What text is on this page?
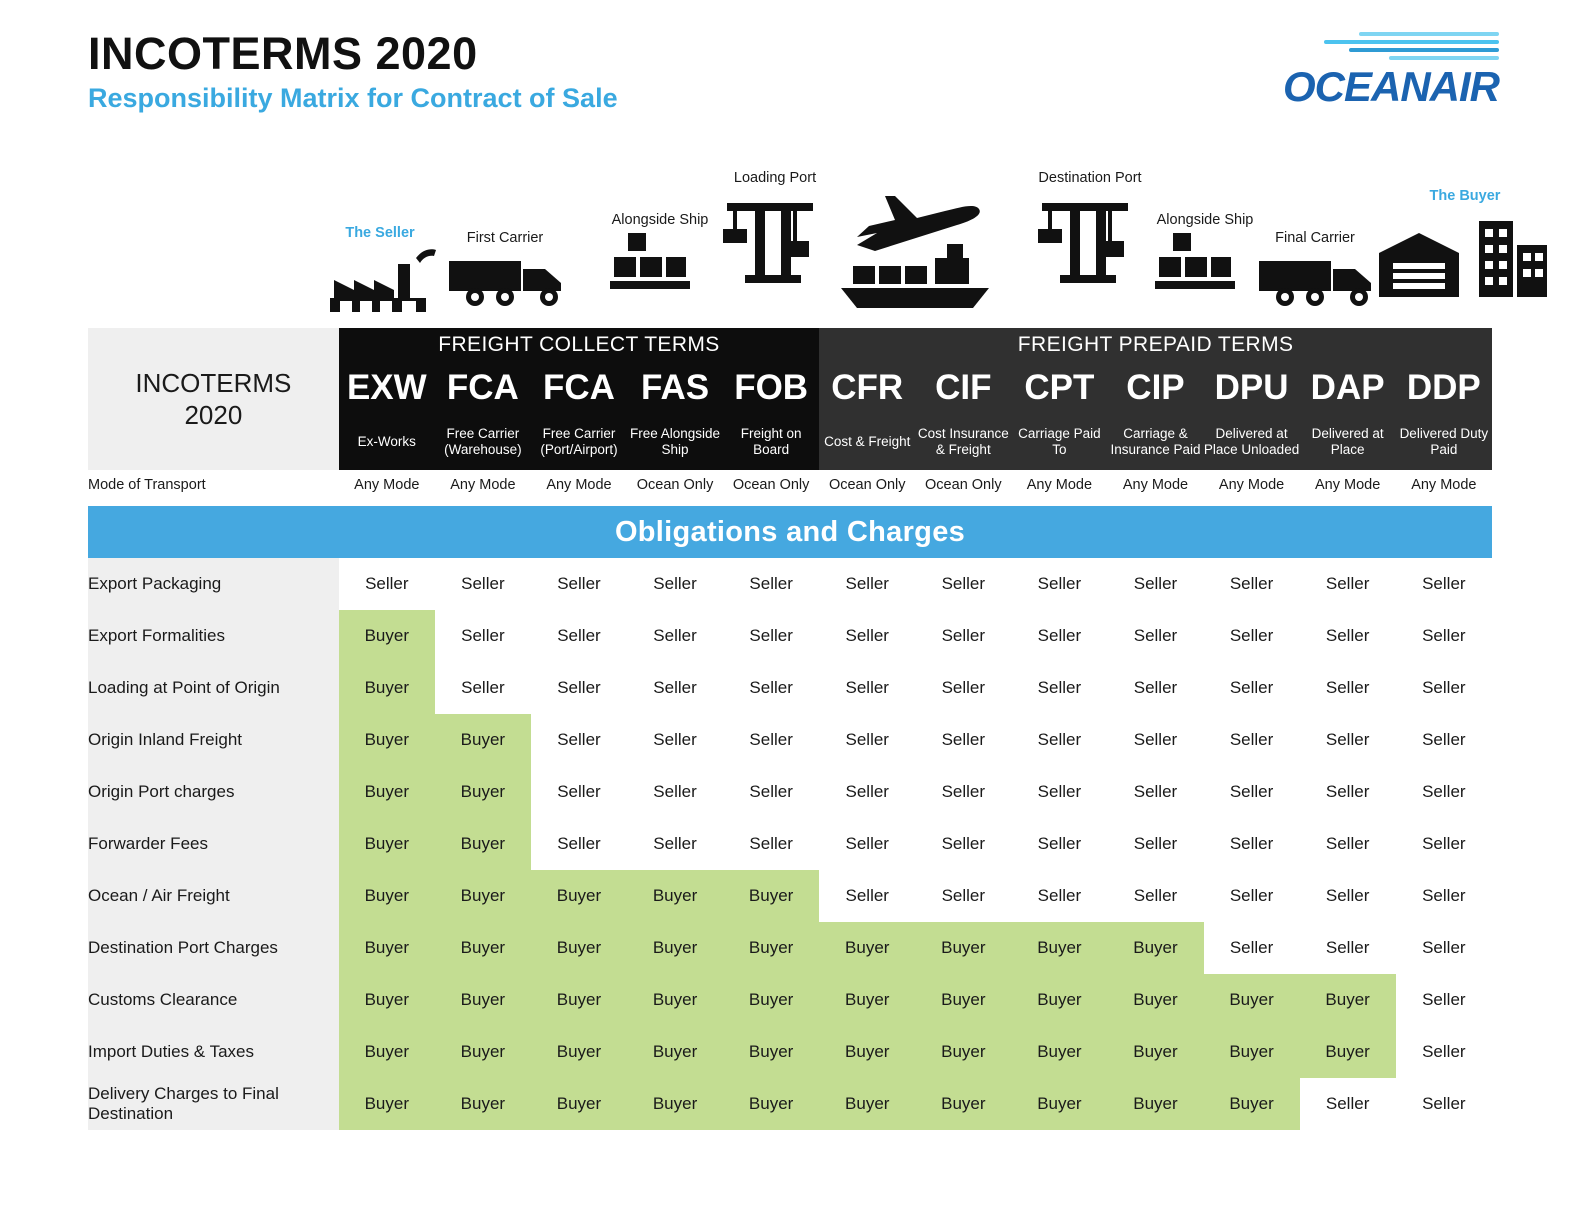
INCOTERMS 2020
Responsibility Matrix for Contract of Sale	OCEANAIR
The Seller	First Carrier
Alongside Ship
Loading Port	Destination Port
Alongside Ship
Final Carrier
The Buyer
INCOTERMS
2020	FREIGHT COLLECT TERMS					FREIGHT PREPAID TERMS						
	EXW	FCA	FCA	FAS	FOB	CFR	CIF	CPT	CIP	DPU	DAP	DDP
	Ex-Works	Free Carrier (Warehouse)	Free Carrier (Port/Airport)	Free Alongside Ship	Freight on Board	Cost & Freight	Cost Insurance & Freight	Carriage Paid To	Carriage & Insurance Paid	Delivered at Place Unloaded	Delivered at Place	Delivered Duty Paid
Mode of Transport	Any Mode	Any Mode	Any Mode	Ocean Only	Ocean Only	Ocean Only	Ocean Only	Any Mode	Any Mode	Any Mode	Any Mode	Any Mode

Obligations and Charges												
Export Packaging	Seller	Seller	Seller	Seller	Seller	Seller	Seller	Seller	Seller	Seller	Seller	Seller
Export Formalities	Buyer	Seller	Seller	Seller	Seller	Seller	Seller	Seller	Seller	Seller	Seller	Seller
Loading at Point of Origin	Buyer	Seller	Seller	Seller	Seller	Seller	Seller	Seller	Seller	Seller	Seller	Seller
Origin Inland Freight	Buyer	Buyer	Seller	Seller	Seller	Seller	Seller	Seller	Seller	Seller	Seller	Seller
Origin Port charges	Buyer	Buyer	Seller	Seller	Seller	Seller	Seller	Seller	Seller	Seller	Seller	Seller
Forwarder Fees	Buyer	Buyer	Seller	Seller	Seller	Seller	Seller	Seller	Seller	Seller	Seller	Seller
Ocean / Air Freight	Buyer	Buyer	Buyer	Buyer	Buyer	Seller	Seller	Seller	Seller	Seller	Seller	Seller
Destination Port Charges	Buyer	Buyer	Buyer	Buyer	Buyer	Buyer	Buyer	Buyer	Buyer	Seller	Seller	Seller
Customs Clearance	Buyer	Buyer	Buyer	Buyer	Buyer	Buyer	Buyer	Buyer	Buyer	Buyer	Buyer	Seller
Import Duties & Taxes	Buyer	Buyer	Buyer	Buyer	Buyer	Buyer	Buyer	Buyer	Buyer	Buyer	Buyer	Seller
Delivery Charges to Final Destination	Buyer	Buyer	Buyer	Buyer	Buyer	Buyer	Buyer	Buyer	Buyer	Buyer	Seller	Seller
